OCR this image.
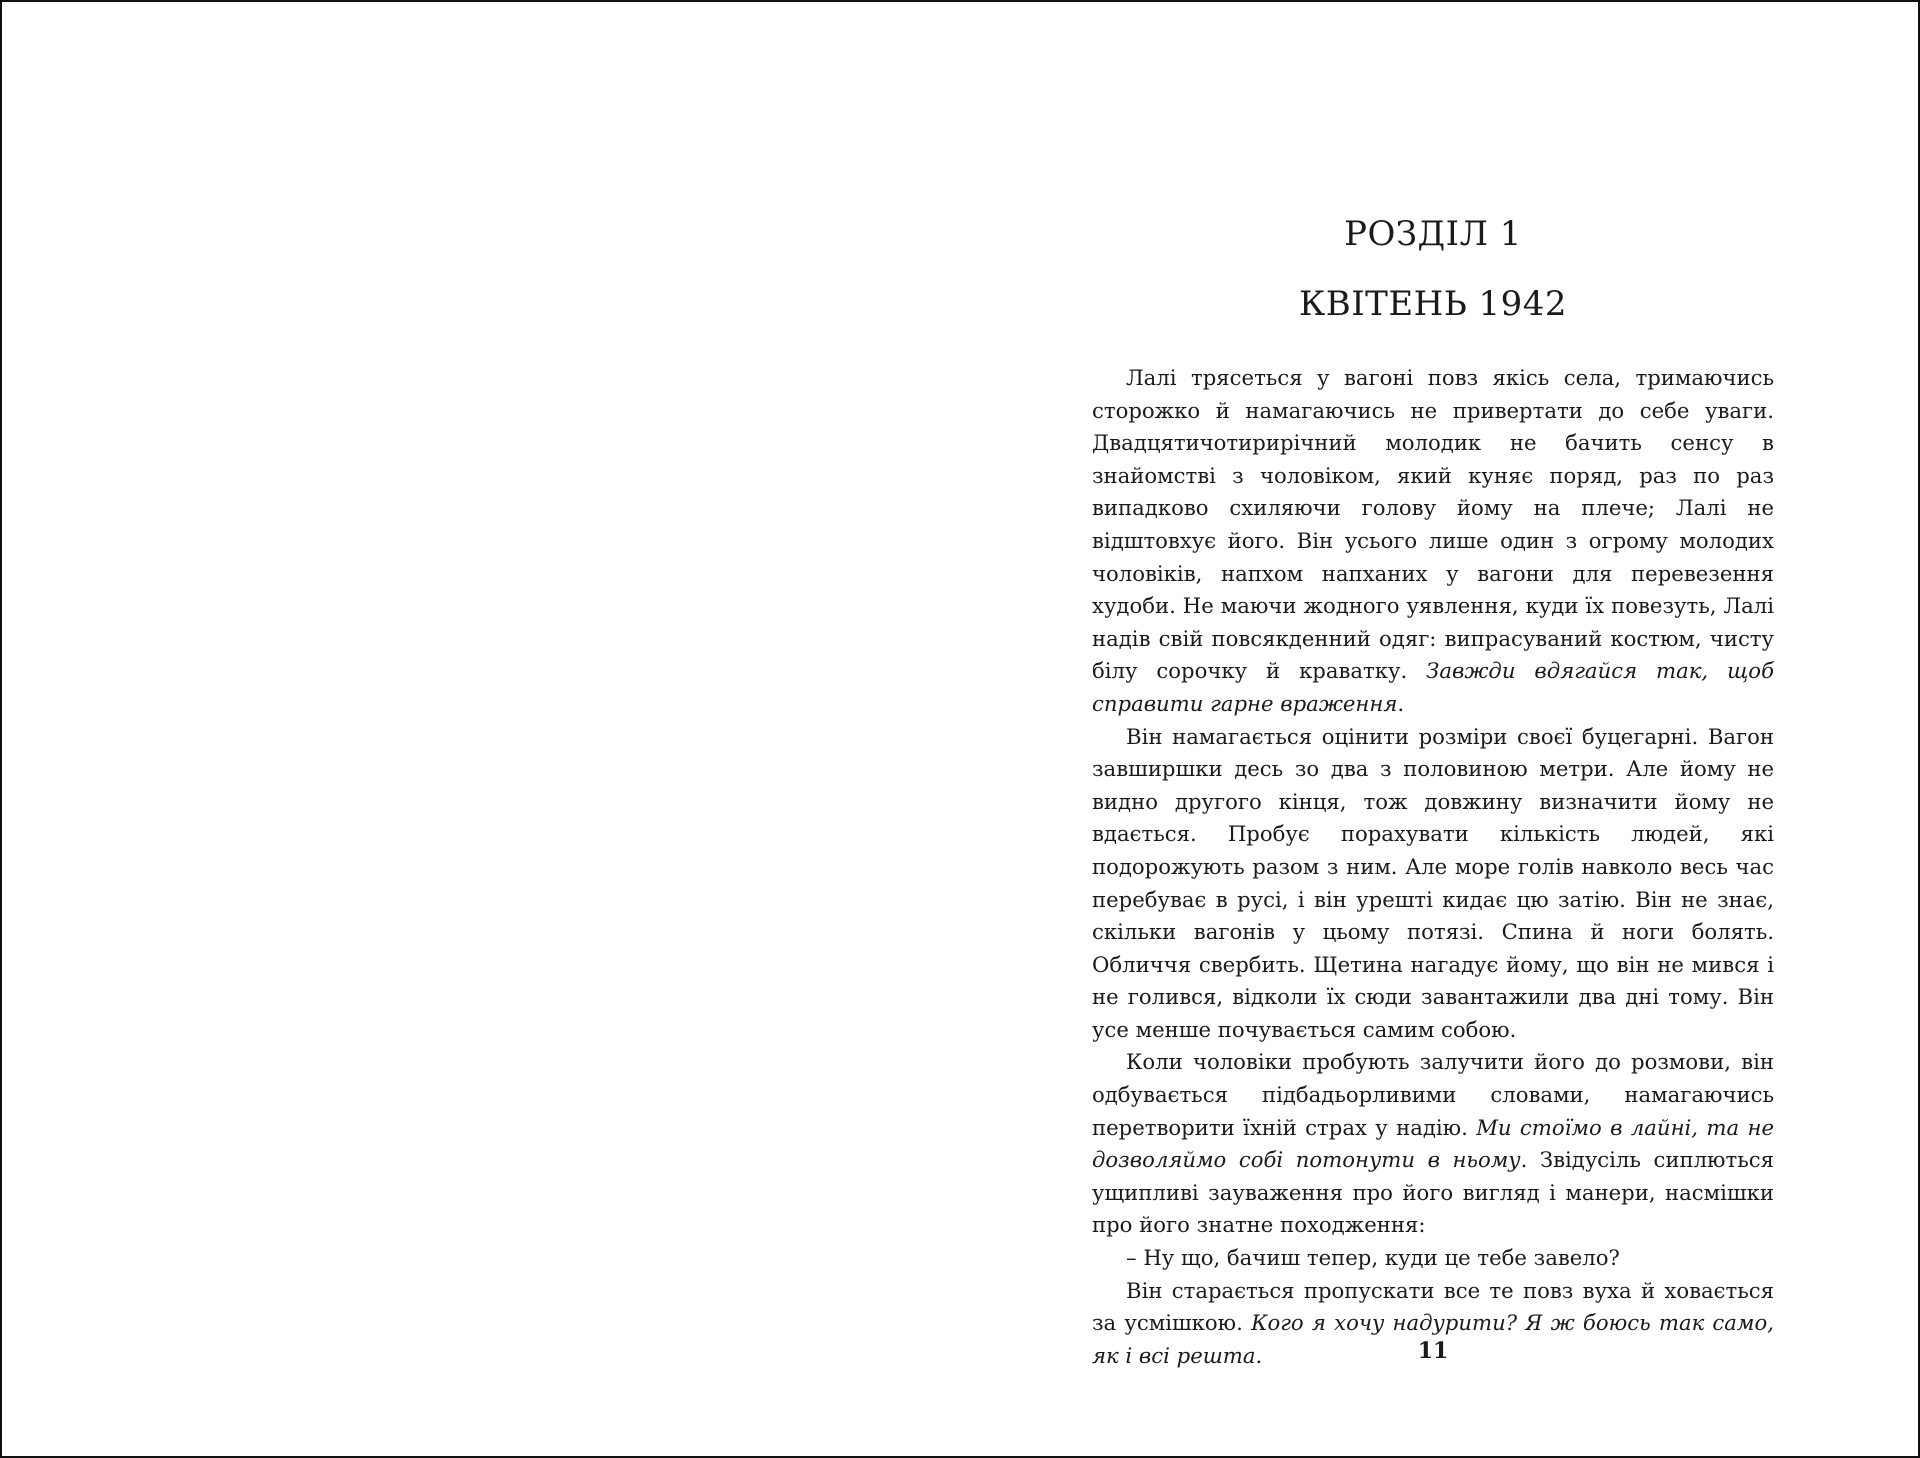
РОЗДІЛ 1
КВІТЕНЬ 1942

Лалі трясеться у вагоні повз якісь села, тримаючись сторожко й намагаючись не привертати до себе уваги. Двадцятичотирирічний молодик не бачить сенсу в знайомстві з чоловіком, який куняє поряд, раз по раз випадково схиляючи голову йому на плече; Лалі не відштовхує його. Він усього лише один з огрому молодих чоловіків, напхом напханих у вагони для перевезення худоби. Не маючи жодного уявлення, куди їх повезуть, Лалі надів свій повсякденний одяг: випрасуваний костюм, чисту білу сорочку й краватку. Завжди вдягайся так, щоб справити гарне враження.

Він намагається оцінити розміри своєї буцегарні. Вагон завширшки десь зо два з половиною метри. Але йому не видно другого кінця, тож довжину визначити йому не вдається. Пробує порахувати кількість людей, які подорожують разом з ним. Але море голів навколо весь час перебуває в русі, і він урешті кидає цю затію. Він не знає, скільки вагонів у цьому потязі. Спина й ноги болять. Обличчя свербить. Щетина нагадує йому, що він не мився і не голився, відколи їх сюди завантажили два дні тому. Він усе менше почувається самим собою.

Коли чоловіки пробують залучити його до розмови, він одбувається підбадьорливими словами, намагаючись перетворити їхній страх у надію. Ми стоїмо в лайні, та не дозволяймо собі потонути в ньому. Звідусіль сиплються ущипливі зауваження про його вигляд і манери, насмішки про його знатне походження:

– Ну що, бачиш тепер, куди це тебе завело?

Він старається пропускати все те повз вуха й ховається за усмішкою. Кого я хочу надурити? Я ж боюсь так само, як і всі решта.	11
